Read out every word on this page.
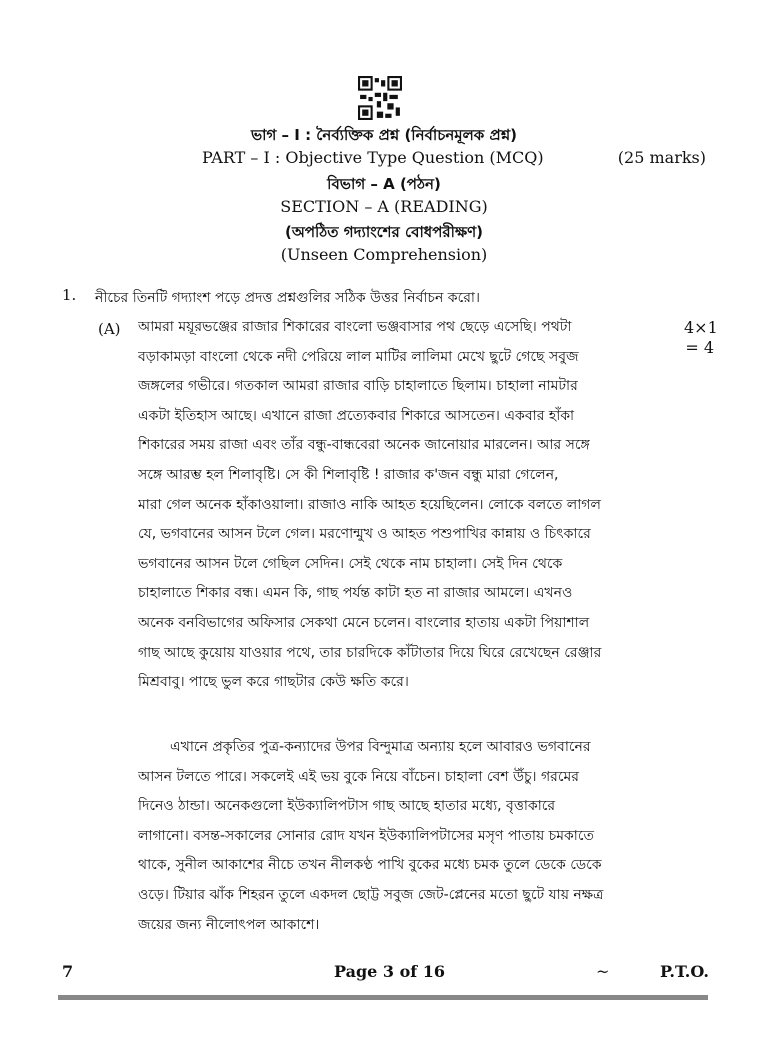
ভাগ – I : নৈর্ব্যক্তিক প্রশ্ন (নির্বাচনমূলক প্রশ্ন)
PART – I : Objective Type Question (MCQ)	(25 marks)
বিভাগ – A (পঠন)
SECTION – A (READING)
(অপঠিত গদ্যাংশের বোধপরীক্ষণ)
(Unseen Comprehension)
1. নীচের তিনটি গদ্যাংশ পড়ে প্রদত্ত প্রশ্নগুলির সঠিক উত্তর নির্বাচন করো।
(A)	4×1
= 4
আমরা ময়ূরভঞ্জের রাজার শিকারের বাংলো ভঞ্জবাসার পথ ছেড়ে এসেছি। পথটা
বড়াকামড়া বাংলো থেকে নদী পেরিয়ে লাল মাটির লালিমা মেখে ছুটে গেছে সবুজ
জঙ্গলের গভীরে। গতকাল আমরা রাজার বাড়ি চাহালাতে ছিলাম। চাহালা নামটার
একটা ইতিহাস আছে। এখানে রাজা প্রত্যেকবার শিকারে আসতেন। একবার হাঁকা
শিকারের সময় রাজা এবং তাঁর বন্ধু-বান্ধবেরা অনেক জানোয়ার মারলেন। আর সঙ্গে
সঙ্গে আরম্ভ হল শিলাবৃষ্টি। সে কী শিলাবৃষ্টি ! রাজার ক'জন বন্ধু মারা গেলেন,
মারা গেল অনেক হাঁকাওয়ালা। রাজাও নাকি আহত হয়েছিলেন। লোকে বলতে লাগল
যে, ভগবানের আসন টলে গেল। মরণোন্মুখ ও আহত পশুপাখির কান্নায় ও চিৎকারে
ভগবানের আসন টলে গেছিল সেদিন। সেই থেকে নাম চাহালা। সেই দিন থেকে
চাহালাতে শিকার বন্ধ। এমন কি, গাছ পর্যন্ত কাটা হত না রাজার আমলে। এখনও
অনেক বনবিভাগের অফিসার সেকথা মেনে চলেন। বাংলোর হাতায় একটা পিয়াশাল
গাছ আছে কুয়োয় যাওয়ার পথে, তার চারদিকে কাঁটাতার দিয়ে ঘিরে রেখেছেন রেঞ্জার
মিশ্রবাবু। পাছে ভুল করে গাছটার কেউ ক্ষতি করে।
এখানে প্রকৃতির পুত্র-কন্যাদের উপর বিন্দুমাত্র অন্যায় হলে আবারও ভগবানের
আসন টলতে পারে। সকলেই এই ভয় বুকে নিয়ে বাঁচেন। চাহালা বেশ উঁচু। গরমের
দিনেও ঠান্ডা। অনেকগুলো ইউক্যালিপটাস গাছ আছে হাতার মধ্যে, বৃত্তাকারে
লাগানো। বসন্ত-সকালের সোনার রোদ যখন ইউক্যালিপটাসের মসৃণ পাতায় চমকাতে
থাকে, সুনীল আকাশের নীচে তখন নীলকণ্ঠ পাখি বুকের মধ্যে চমক তুলে ডেকে ডেকে
ওড়ে। টিয়ার ঝাঁক শিহরন তুলে একদল ছোট্ট সবুজ জেট-প্লেনের মতো ছুটে যায় নক্ষত্র
জয়ের জন্য নীলোৎপল আকাশে।
7	Page 3 of 16	~	P.T.O.
